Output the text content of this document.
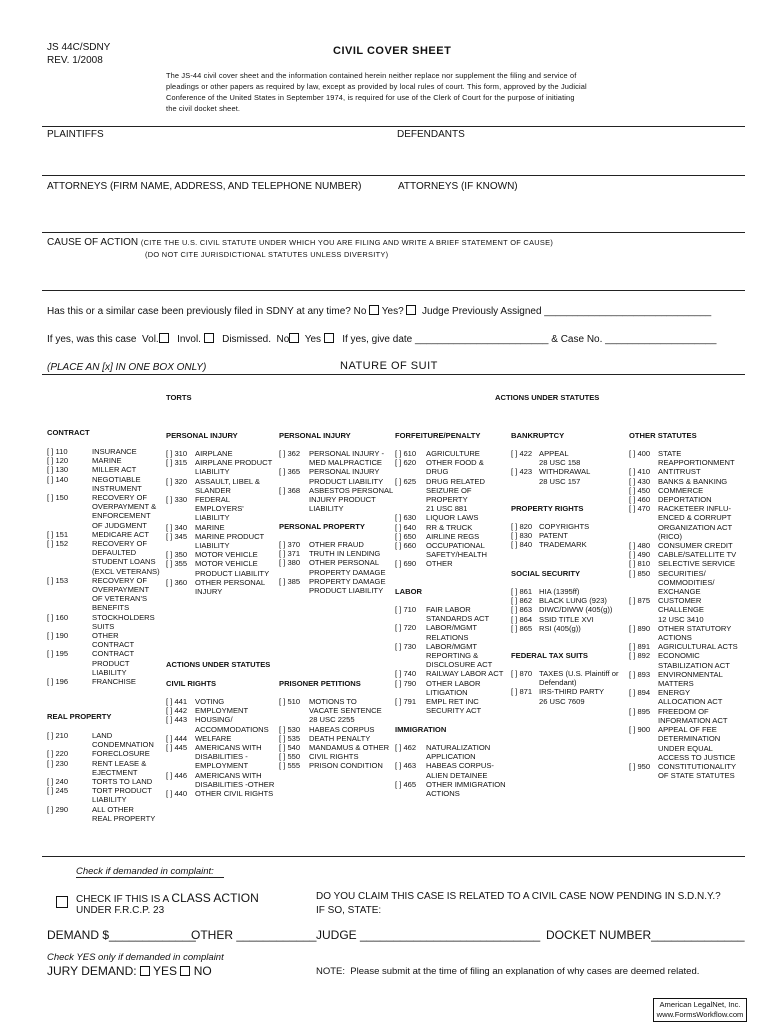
JS 44C/SDNY
REV. 1/2008
CIVIL COVER SHEET
The JS-44 civil cover sheet and the information contained herein neither replace nor supplement the filing and service of
pleadings or other papers as required by law, except as provided by local rules of court. This form, approved by the Judicial
Conference of the United States in September 1974, is required for use of the Clerk of Court for the purpose of initiating
the civil docket sheet.
PLAINTIFFS	DEFENDANTS
ATTORNEYS (FIRM NAME, ADDRESS, AND TELEPHONE NUMBER)	ATTORNEYS (IF KNOWN)
CAUSE OF ACTION (CITE THE U.S. CIVIL STATUTE UNDER WHICH YOU ARE FILING AND WRITE A BRIEF STATEMENT OF CAUSE)
(DO NOT CITE JURISDICTIONAL STATUTES UNLESS DIVERSITY)
Has this or a similar case been previously filed in SDNY at any time? No Yes? Judge Previously Assigned ______________________________
If yes, was this case  Vol. Invol. Dismissed.  No Yes If yes, give date ________________________ & Case No. ____________________
(PLACE AN [x] IN ONE BOX ONLY)	NATURE OF SUIT
TORTS	ACTIONS UNDER STATUTES
CONTRACT	PERSONAL INJURY	PERSONAL INJURY	FORFEITURE/PENALTY	BANKRUPTCY	OTHER STATUTES
[ ] 110	INSURANCE
[ ] 120	MARINE
[ ] 130	MILLER ACT
[ ] 140	NEGOTIABLE
INSTRUMENT
[ ] 150	RECOVERY OF
OVERPAYMENT &
ENFORCEMENT
OF JUDGMENT
[ ] 151	MEDICARE ACT
[ ] 152	RECOVERY OF
DEFAULTED
STUDENT LOANS
(EXCL VETERANS)
[ ] 153	RECOVERY OF
OVERPAYMENT
OF VETERAN'S
BENEFITS
[ ] 160	STOCKHOLDERS
SUITS
[ ] 190	OTHER
CONTRACT
[ ] 195	CONTRACT
PRODUCT
LIABILITY
[ ] 196	FRANCHISE
REAL PROPERTY
[ ] 210	LAND
CONDEMNATION
[ ] 220	FORECLOSURE
[ ] 230	RENT LEASE &
EJECTMENT
[ ] 240	TORTS TO LAND
[ ] 245	TORT PRODUCT
LIABILITY
[ ] 290	ALL OTHER
REAL PROPERTY
[ ] 310	AIRPLANE
[ ] 315	AIRPLANE PRODUCT
LIABILITY
[ ] 320	ASSAULT, LIBEL &
SLANDER
[ ] 330	FEDERAL
EMPLOYERS'
LIABILITY
[ ] 340	MARINE
[ ] 345	MARINE PRODUCT
LIABILITY
[ ] 350	MOTOR VEHICLE
[ ] 355	MOTOR VEHICLE
PRODUCT LIABILITY
[ ] 360	OTHER PERSONAL
INJURY
ACTIONS UNDER STATUTES
CIVIL RIGHTS
[ ] 441	VOTING
[ ] 442	EMPLOYMENT
[ ] 443	HOUSING/
ACCOMMODATIONS
[ ] 444	WELFARE
[ ] 445	AMERICANS WITH
DISABILITIES -
EMPLOYMENT
[ ] 446	AMERICANS WITH
DISABILITIES -OTHER
[ ] 440	OTHER CIVIL RIGHTS
[ ] 362	PERSONAL INJURY -
MED MALPRACTICE
[ ] 365	PERSONAL INJURY
PRODUCT LIABILITY
[ ] 368	ASBESTOS PERSONAL
INJURY PRODUCT
LIABILITY
PERSONAL PROPERTY
[ ] 370	OTHER FRAUD
[ ] 371	TRUTH IN LENDING
[ ] 380	OTHER PERSONAL
PROPERTY DAMAGE
[ ] 385	PROPERTY DAMAGE
PRODUCT LIABILITY
PRISONER PETITIONS
[ ] 510	MOTIONS TO
VACATE SENTENCE
28 USC 2255
[ ] 530	HABEAS CORPUS
[ ] 535	DEATH PENALTY
[ ] 540	MANDAMUS & OTHER
[ ] 550	CIVIL RIGHTS
[ ] 555	PRISON CONDITION
[ ] 610	AGRICULTURE
[ ] 620	OTHER FOOD &
DRUG
[ ] 625	DRUG RELATED
SEIZURE OF
PROPERTY
21 USC 881
[ ] 630	LIQUOR LAWS
[ ] 640	RR & TRUCK
[ ] 650	AIRLINE REGS
[ ] 660	OCCUPATIONAL
SAFETY/HEALTH
[ ] 690	OTHER
LABOR
[ ] 710	FAIR LABOR
STANDARDS ACT
[ ] 720	LABOR/MGMT
RELATIONS
[ ] 730	LABOR/MGMT
REPORTING &
DISCLOSURE ACT
[ ] 740	RAILWAY LABOR ACT
[ ] 790	OTHER LABOR
LITIGATION
[ ] 791	EMPL RET INC
SECURITY ACT
IMMIGRATION
[ ] 462	NATURALIZATION
APPLICATION
[ ] 463	HABEAS CORPUS-
ALIEN DETAINEE
[ ] 465	OTHER IMMIGRATION
ACTIONS
[ ] 422 APPEAL
28 USC 158
[ ] 423 WITHDRAWAL
28 USC 157
PROPERTY RIGHTS
[ ] 820 COPYRIGHTS
[ ] 830 PATENT
[ ] 840 TRADEMARK
SOCIAL SECURITY
[ ] 861 HIA (1395ff)
[ ] 862 BLACK LUNG (923)
[ ] 863 DIWC/DIWW (405(g))
[ ] 864 SSID TITLE XVI
[ ] 865 RSI (405(g))
FEDERAL TAX SUITS
[ ] 870 TAXES (U.S. Plaintiff or
Defendant)
[ ] 871 IRS-THIRD PARTY
26 USC 7609
[ ] 400	STATE
REAPPORTIONMENT
[ ] 410	ANTITRUST
[ ] 430	BANKS & BANKING
[ ] 450	COMMERCE
[ ] 460	DEPORTATION
[ ] 470	RACKETEER INFLU-
ENCED & CORRUPT
ORGANIZATION ACT
(RICO)
[ ] 480	CONSUMER CREDIT
[ ] 490	CABLE/SATELLITE TV
[ ] 810	SELECTIVE SERVICE
[ ] 850	SECURITIES/
COMMODITIES/
EXCHANGE
[ ] 875	CUSTOMER
CHALLENGE
12 USC 3410
[ ] 890	OTHER STATUTORY
ACTIONS
[ ] 891	AGRICULTURAL ACTS
[ ] 892	ECONOMIC
STABILIZATION ACT
[ ] 893	ENVIRONMENTAL
MATTERS
[ ] 894	ENERGY
ALLOCATION ACT
[ ] 895	FREEDOM OF
INFORMATION ACT
[ ] 900	APPEAL OF FEE
DETERMINATION
UNDER EQUAL
ACCESS TO JUSTICE
[ ] 950	CONSTITUTIONALITY
OF STATE STATUTES
Check if demanded in complaint:
CHECK IF THIS IS A CLASS ACTION
UNDER F.R.C.P. 23
DO YOU CLAIM THIS CASE IS RELATED TO A CIVIL CASE NOW PENDING IN S.D.N.Y.?
IF SO, STATE:
DEMAND $_____________
OTHER ____________ JUDGE ___________________________ DOCKET NUMBER______________
Check YES only if demanded in complaint
JURY DEMAND: YES NO	NOTE:  Please submit at the time of filing an explanation of why cases are deemed related.
American LegalNet, Inc.
www.FormsWorkflow.com
